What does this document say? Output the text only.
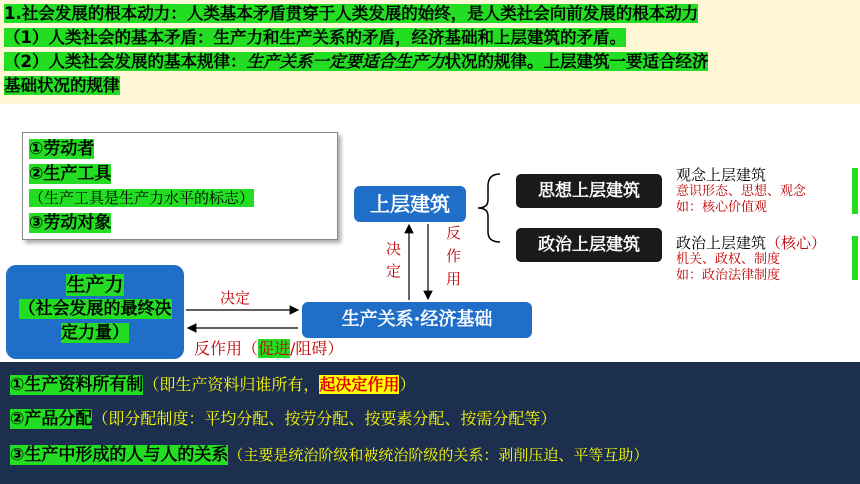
1.社会发展的根本动力：人类基本矛盾贯穿于人类发展的始终，是人类社会向前发展的根本动力
（1）人类社会的基本矛盾：生产力和生产关系的矛盾，经济基础和上层建筑的矛盾。
（2）人类社会发展的基本规律：生产关系一定要适合生产力状况的规律。上层建筑一要适合经济
基础状况的规律
①劳动者
②生产工具（生产工具是生产力水平的标志）
③劳动对象
生产力
（社会发展的最终决定力量）
上层建筑
生产关系·经济基础
决定
反作用（促进/阻碍）
决定
反作用
思想上层建筑
观念上层建筑
意识形态、思想、观念
如：核心价值观
政治上层建筑	政治上层建筑（核心）
机关、政权、制度
如：政治法律制度
①生产资料所有制（即生产资料归谁所有，起决定作用）
②产品分配（即分配制度：平均分配、按劳分配、按要素分配、按需分配等）
③生产中形成的人与人的关系（主要是统治阶级和被统治阶级的关系：剥削压迫、平等互助）
